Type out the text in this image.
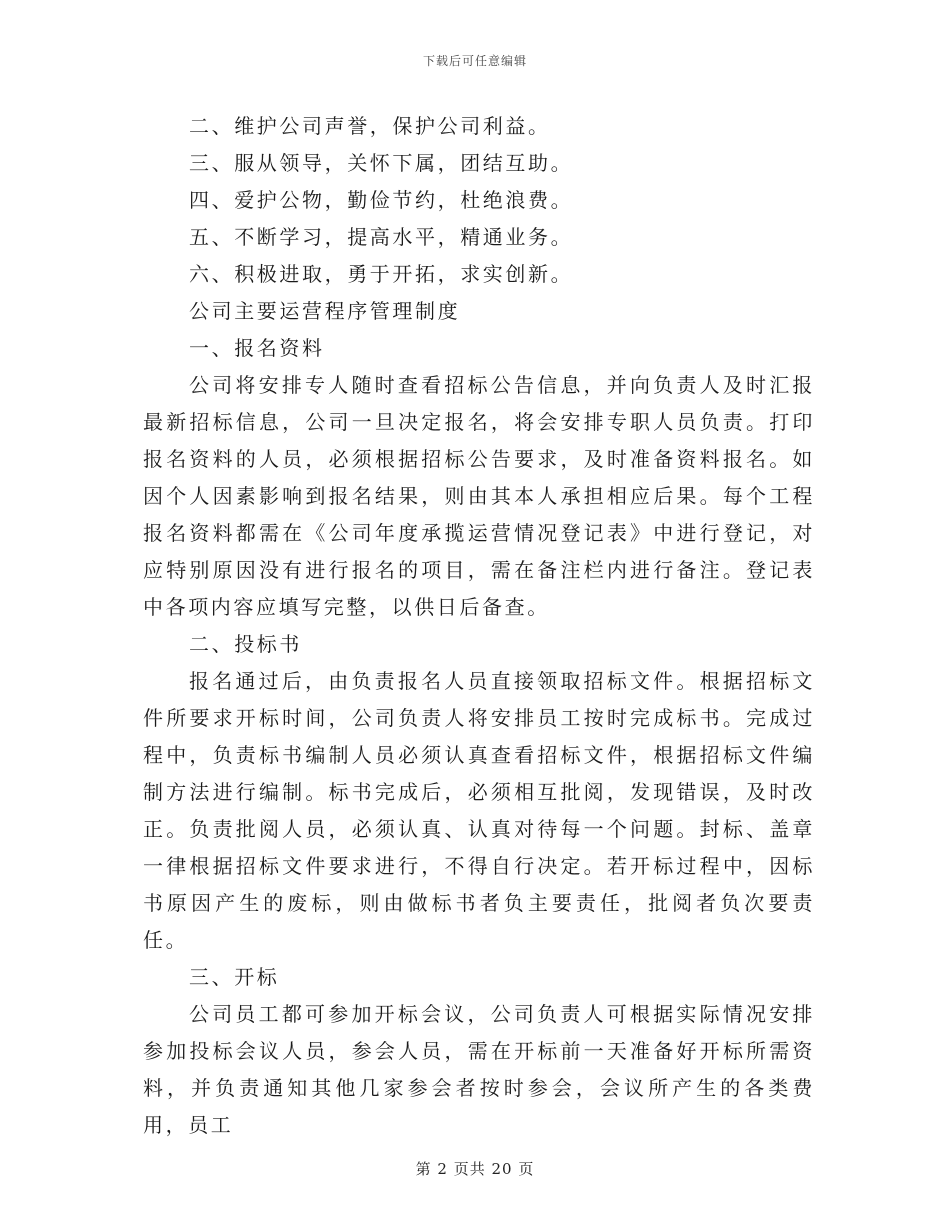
下载后可任意编辑
二、维护公司声誉，保护公司利益。
三、服从领导，关怀下属，团结互助。
四、爱护公物，勤俭节约，杜绝浪费。
五、不断学习，提高水平，精通业务。
六、积极进取，勇于开拓，求实创新。
公司主要运营程序管理制度
一、报名资料
公司将安排专人随时查看招标公告信息，并向负责人及时汇报最新招标信息，公司一旦决定报名，将会安排专职人员负责。打印报名资料的人员，必须根据招标公告要求，及时准备资料报名。如因个人因素影响到报名结果，则由其本人承担相应后果。每个工程报名资料都需在《公司年度承揽运营情况登记表》中进行登记，对应特别原因没有进行报名的项目，需在备注栏内进行备注。登记表中各项内容应填写完整，以供日后备查。
二、投标书
报名通过后，由负责报名人员直接领取招标文件。根据招标文件所要求开标时间，公司负责人将安排员工按时完成标书。完成过程中，负责标书编制人员必须认真查看招标文件，根据招标文件编制方法进行编制。标书完成后，必须相互批阅，发现错误，及时改正。负责批阅人员，必须认真、认真对待每一个问题。封标、盖章一律根据招标文件要求进行，不得自行决定。若开标过程中，因标书原因产生的废标，则由做标书者负主要责任，批阅者负次要责任。
三、开标
公司员工都可参加开标会议，公司负责人可根据实际情况安排参加投标会议人员，参会人员，需在开标前一天准备好开标所需资料，并负责通知其他几家参会者按时参会，会议所产生的各类费用，员工
第 2 页共 20 页
